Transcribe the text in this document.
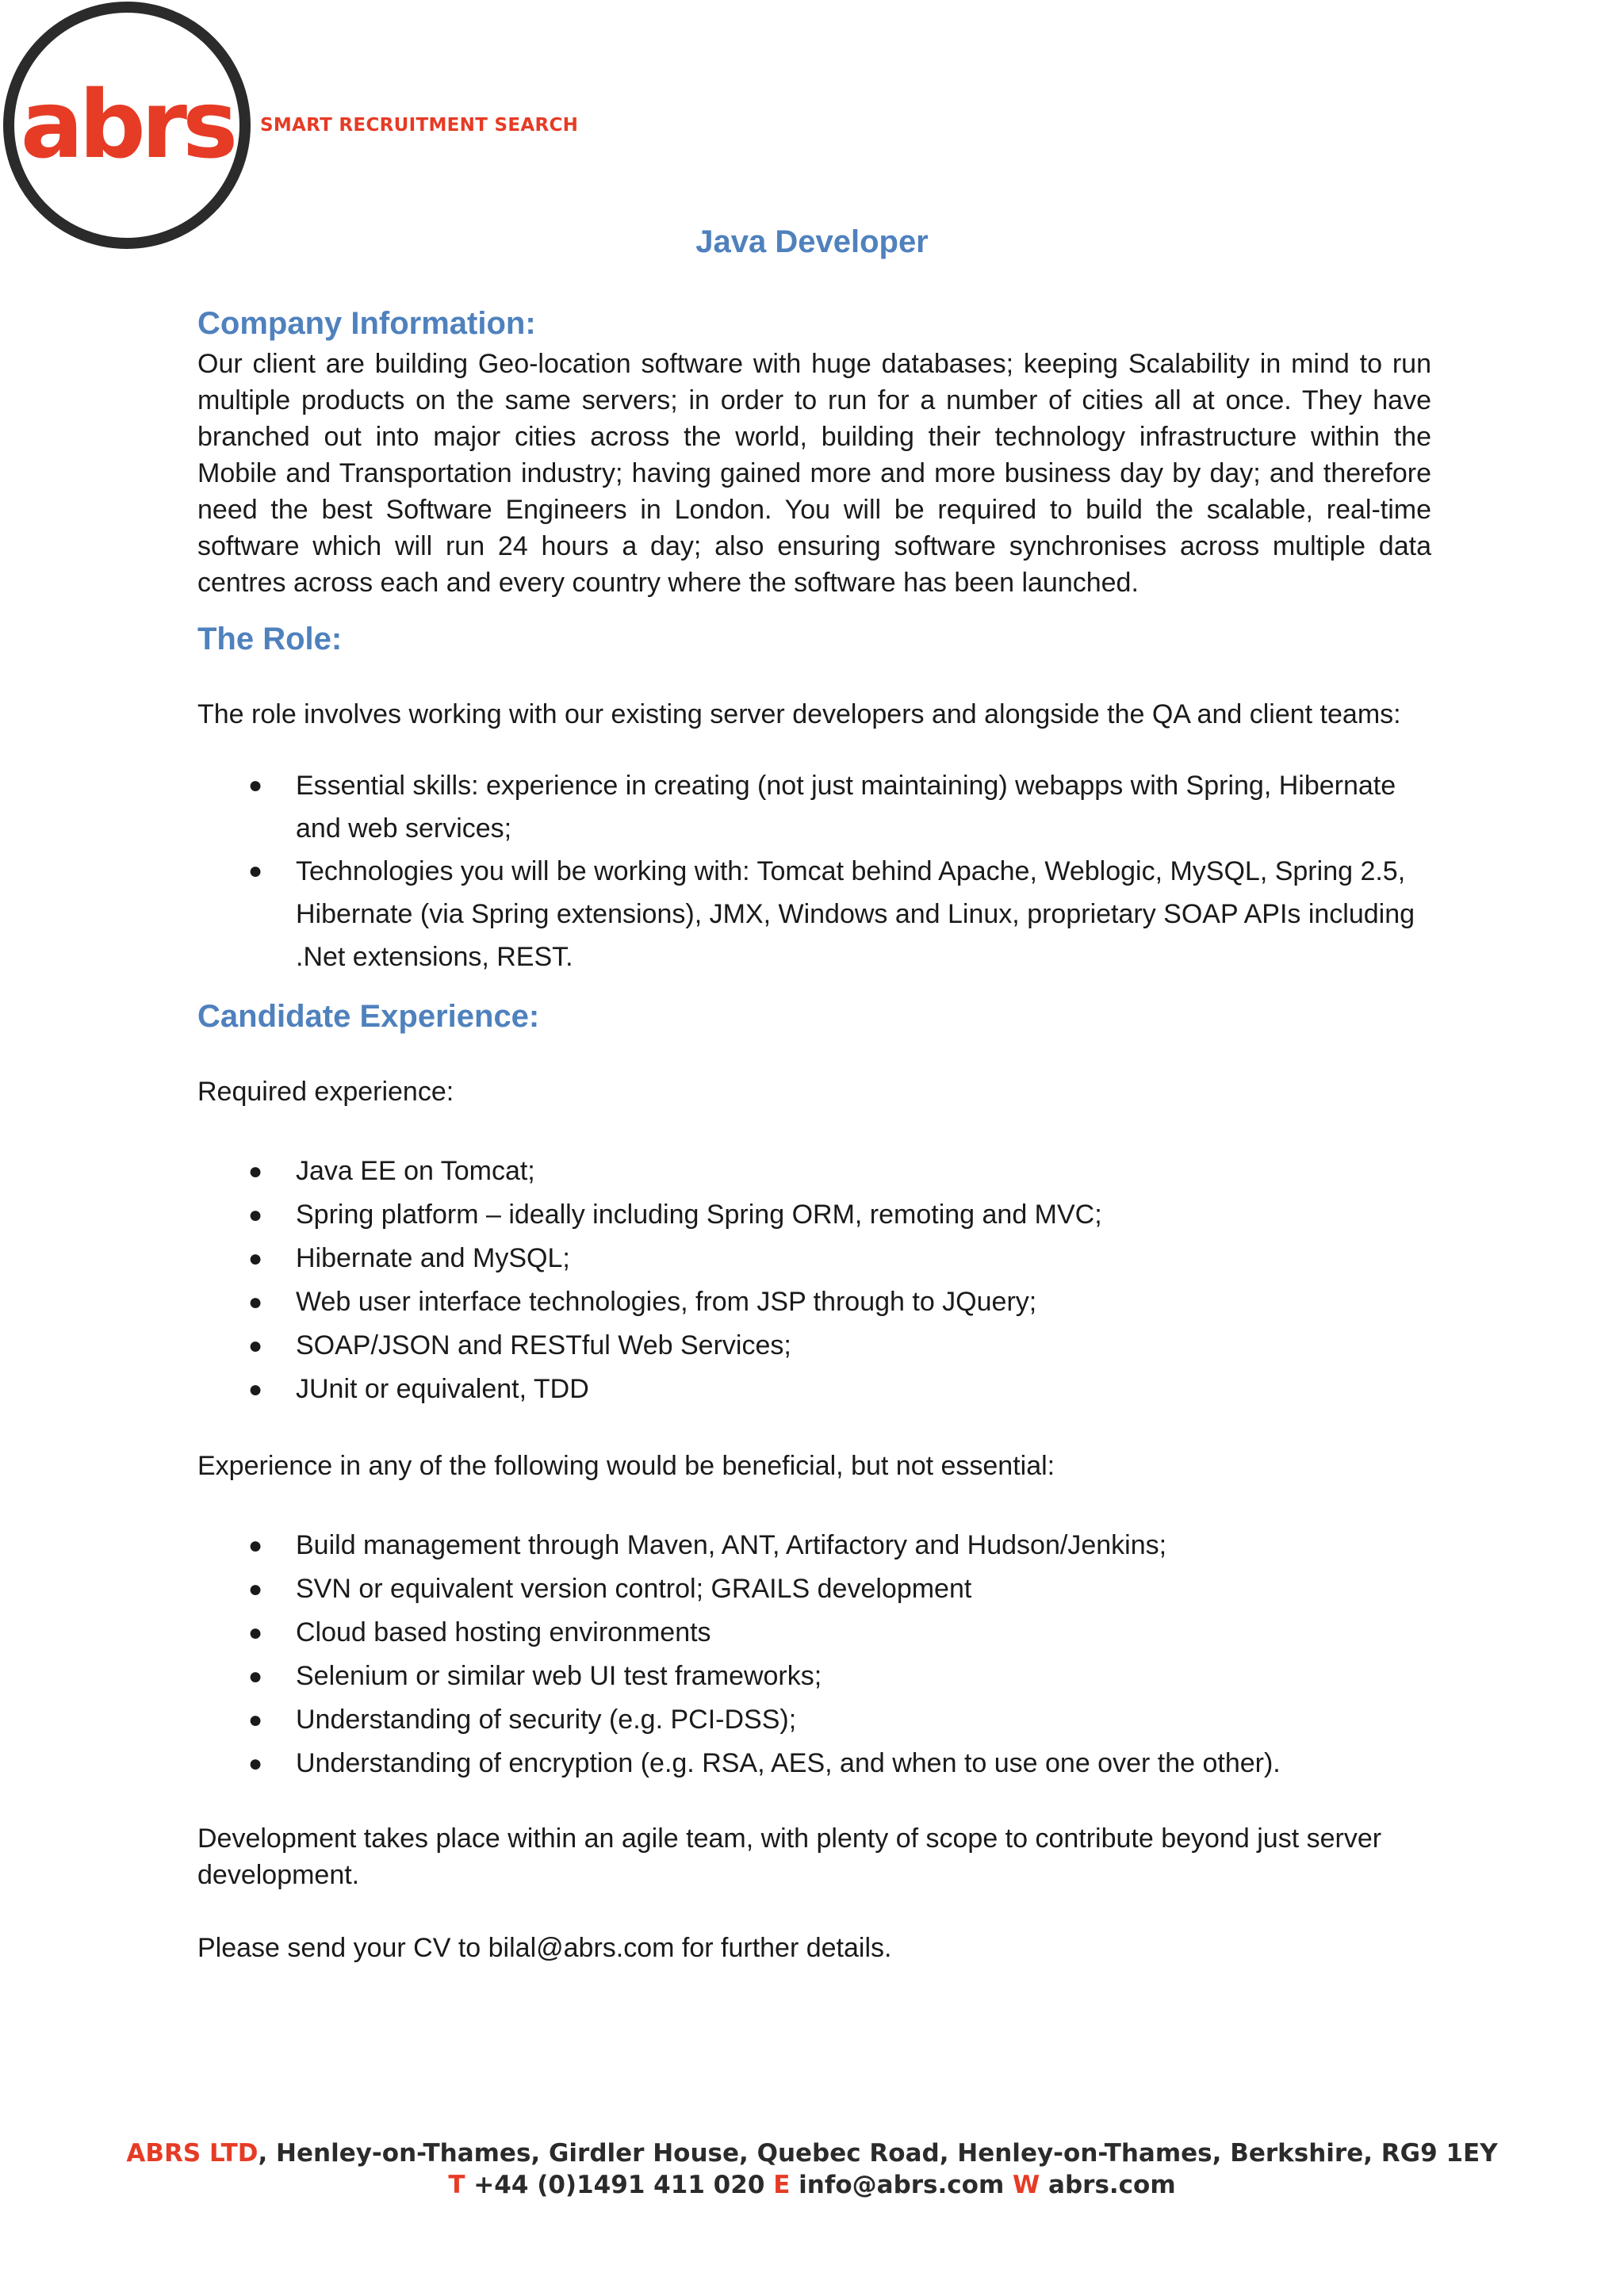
abrs	SMART RECRUITMENT SEARCH
Java Developer
Company Information:

Our client are building Geo-location software with huge databases; keeping Scalability in mind to run multiple products on the same servers; in order to run for a number of cities all at once. They have branched out into major cities across the world, building their technology infrastructure within the Mobile and Transportation industry; having gained more and more business day by day; and therefore need the best Software Engineers in London. You will be required to build the scalable, real-time software which will run 24 hours a day; also ensuring software synchronises across multiple data centres across each and every country where the software has been launched.

The Role:

The role involves working with our existing server developers and alongside the QA and client teams:

● Essential skills: experience in creating (not just maintaining) webapps with Spring, Hibernate and web services;
● Technologies you will be working with: Tomcat behind Apache, Weblogic, MySQL, Spring 2.5, Hibernate (via Spring extensions), JMX, Windows and Linux, proprietary SOAP APIs including .Net extensions, REST.
Candidate Experience:

Required experience:

● Java EE on Tomcat;
● Spring platform – ideally including Spring ORM, remoting and MVC;
● Hibernate and MySQL;
● Web user interface technologies, from JSP through to JQuery;
● SOAP/JSON and RESTful Web Services;
● JUnit or equivalent, TDD

Experience in any of the following would be beneficial, but not essential:

● Build management through Maven, ANT, Artifactory and Hudson/Jenkins;
● SVN or equivalent version control; GRAILS development
● Cloud based hosting environments
● Selenium or similar web UI test frameworks;
● Understanding of security (e.g. PCI-DSS);
● Understanding of encryption (e.g. RSA, AES, and when to use one over the other).

Development takes place within an agile team, with plenty of scope to contribute beyond just server development.

Please send your CV to bilal@abrs.com for further details.

ABRS LTD, Henley-on-Thames, Girdler House, Quebec Road, Henley-on-Thames, Berkshire, RG9 1EY
T +44 (0)1491 411 020 E info@abrs.com W abrs.com
